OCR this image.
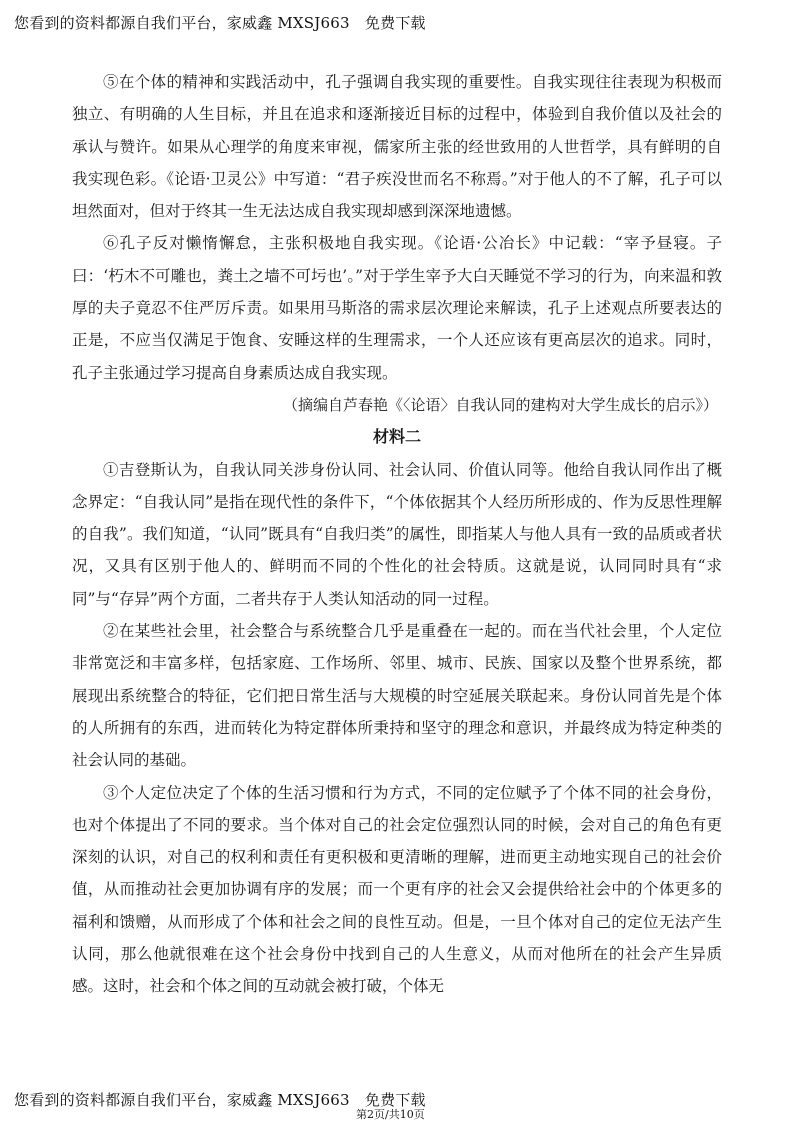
您看到的资料都源自我们平台，家威鑫 MXSJ663　免费下载

⑤在个体的精神和实践活动中，孔子强调自我实现的重要性。自我实现往往表现为积极而独立、有明确的人生目标，并且在追求和逐渐接近目标的过程中，体验到自我价值以及社会的承认与赞许。如果从心理学的角度来审视，儒家所主张的经世致用的人世哲学，具有鲜明的自我实现色彩。《论语·卫灵公》中写道：“君子疾没世而名不称焉。”对于他人的不了解，孔子可以坦然面对，但对于终其一生无法达成自我实现却感到深深地遗憾。

⑥孔子反对懒惰懈怠，主张积极地自我实现。《论语·公冶长》中记载：“宰予昼寝。子曰：‘朽木不可雕也，粪土之墙不可圬也’。”对于学生宰予大白天睡觉不学习的行为，向来温和敦厚的夫子竟忍不住严厉斥责。如果用马斯洛的需求层次理论来解读，孔子上述观点所要表达的正是，不应当仅满足于饱食、安睡这样的生理需求，一个人还应该有更高层次的追求。同时，孔子主张通过学习提高自身素质达成自我实现。

（摘编自芦春艳《〈论语〉自我认同的建构对大学生成长的启示》）

材料二

①吉登斯认为，自我认同关涉身份认同、社会认同、价值认同等。他给自我认同作出了概念界定：“自我认同”是指在现代性的条件下，“个体依据其个人经历所形成的、作为反思性理解的自我”。我们知道，“认同”既具有“自我归类”的属性，即指某人与他人具有一致的品质或者状况，又具有区别于他人的、鲜明而不同的个性化的社会特质。这就是说，认同同时具有“求同”与“存异”两个方面，二者共存于人类认知活动的同一过程。

②在某些社会里，社会整合与系统整合几乎是重叠在一起的。而在当代社会里，个人定位非常宽泛和丰富多样，包括家庭、工作场所、邻里、城市、民族、国家以及整个世界系统，都展现出系统整合的特征，它们把日常生活与大规模的时空延展关联起来。身份认同首先是个体的人所拥有的东西，进而转化为特定群体所秉持和坚守的理念和意识，并最终成为特定种类的社会认同的基础。

③个人定位决定了个体的生活习惯和行为方式，不同的定位赋予了个体不同的社会身份，也对个体提出了不同的要求。当个体对自己的社会定位强烈认同的时候，会对自己的角色有更深刻的认识，对自己的权利和责任有更积极和更清晰的理解，进而更主动地实现自己的社会价值，从而推动社会更加协调有序的发展；而一个更有序的社会又会提供给社会中的个体更多的福利和馈赠，从而形成了个体和社会之间的良性互动。但是，一旦个体对自己的定位无法产生认同，那么他就很难在这个社会身份中找到自己的人生意义，从而对他所在的社会产生异质感。这时，社会和个体之间的互动就会被打破，个体无

您看到的资料都源自我们平台，家威鑫 MXSJ663　免费下载
第2页/共10页
